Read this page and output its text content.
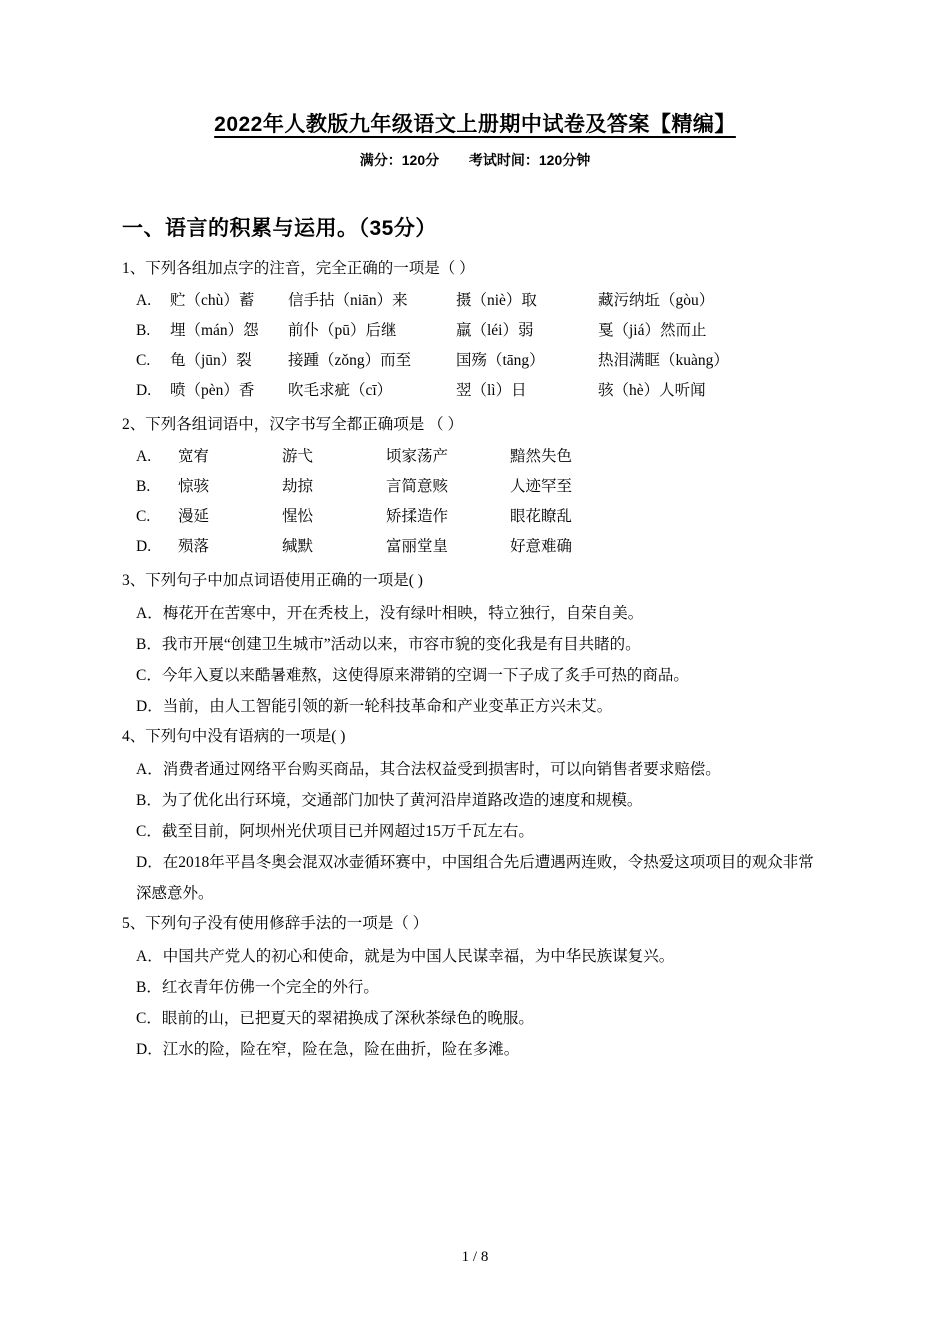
2022年人教版九年级语文上册期中试卷及答案【精编】
满分：120分 考试时间：120分钟
一、语言的积累与运用。（35分）

1、下列各组加点字的注音，完全正确的一项是（ ）

A.	贮（chù）蓄	信手拈（niān）来	摄（niè）取	藏污纳坵（gòu）
B.	埋（mán）怨	前仆（pū）后继	羸（léi）弱	戛（jiá）然而止
C.	龟（jūn）裂	接踵（zǒng）而至	国殇（tāng）	热泪满眶（kuàng）
D.	喷（pèn）香	吹毛求疵（cī）	翌（lì）日	骇（hè）人听闻

2、下列各组词语中，汉字书写全都正确项是 （ ）

A.	宽宥	游弋	顷家荡产	黯然失色
B.	惊骇	劫掠	言简意赅	人迹罕至
C.	漫延	惺忪	矫揉造作	眼花瞭乱
D.	殒落	缄默	富丽堂皇	好意难确

3、下列句子中加点词语使用正确的一项是( )

A．梅花开在苦寒中，开在秃枝上，没有绿叶相映，特立独行，自荣自美。

B．我市开展“创建卫生城市”活动以来，市容市貌的变化我是有目共睹的。

C．今年入夏以来酷暑难熬，这使得原来滞销的空调一下子成了炙手可热的商品。

D．当前，由人工智能引领的新一轮科技革命和产业变革正方兴未艾。

4、下列句中没有语病的一项是( )

A．消费者通过网络平台购买商品，其合法权益受到损害时，可以向销售者要求赔偿。

B．为了优化出行环境，交通部门加快了黄河沿岸道路改造的速度和规模。

C．截至目前，阿坝州光伏项目已并网超过15万千瓦左右。

D．在2018年平昌冬奥会混双冰壶循环赛中，中国组合先后遭遇两连败，令热爱这项项目的观众非常深感意外。

5、下列句子没有使用修辞手法的一项是（ ）

A．中国共产党人的初心和使命，就是为中国人民谋幸福，为中华民族谋复兴。

B．红衣青年仿佛一个完全的外行。

C．眼前的山，已把夏天的翠裙换成了深秋茶绿色的晚服。

D．江水的险，险在窄，险在急，险在曲折，险在多滩。

1 / 8
